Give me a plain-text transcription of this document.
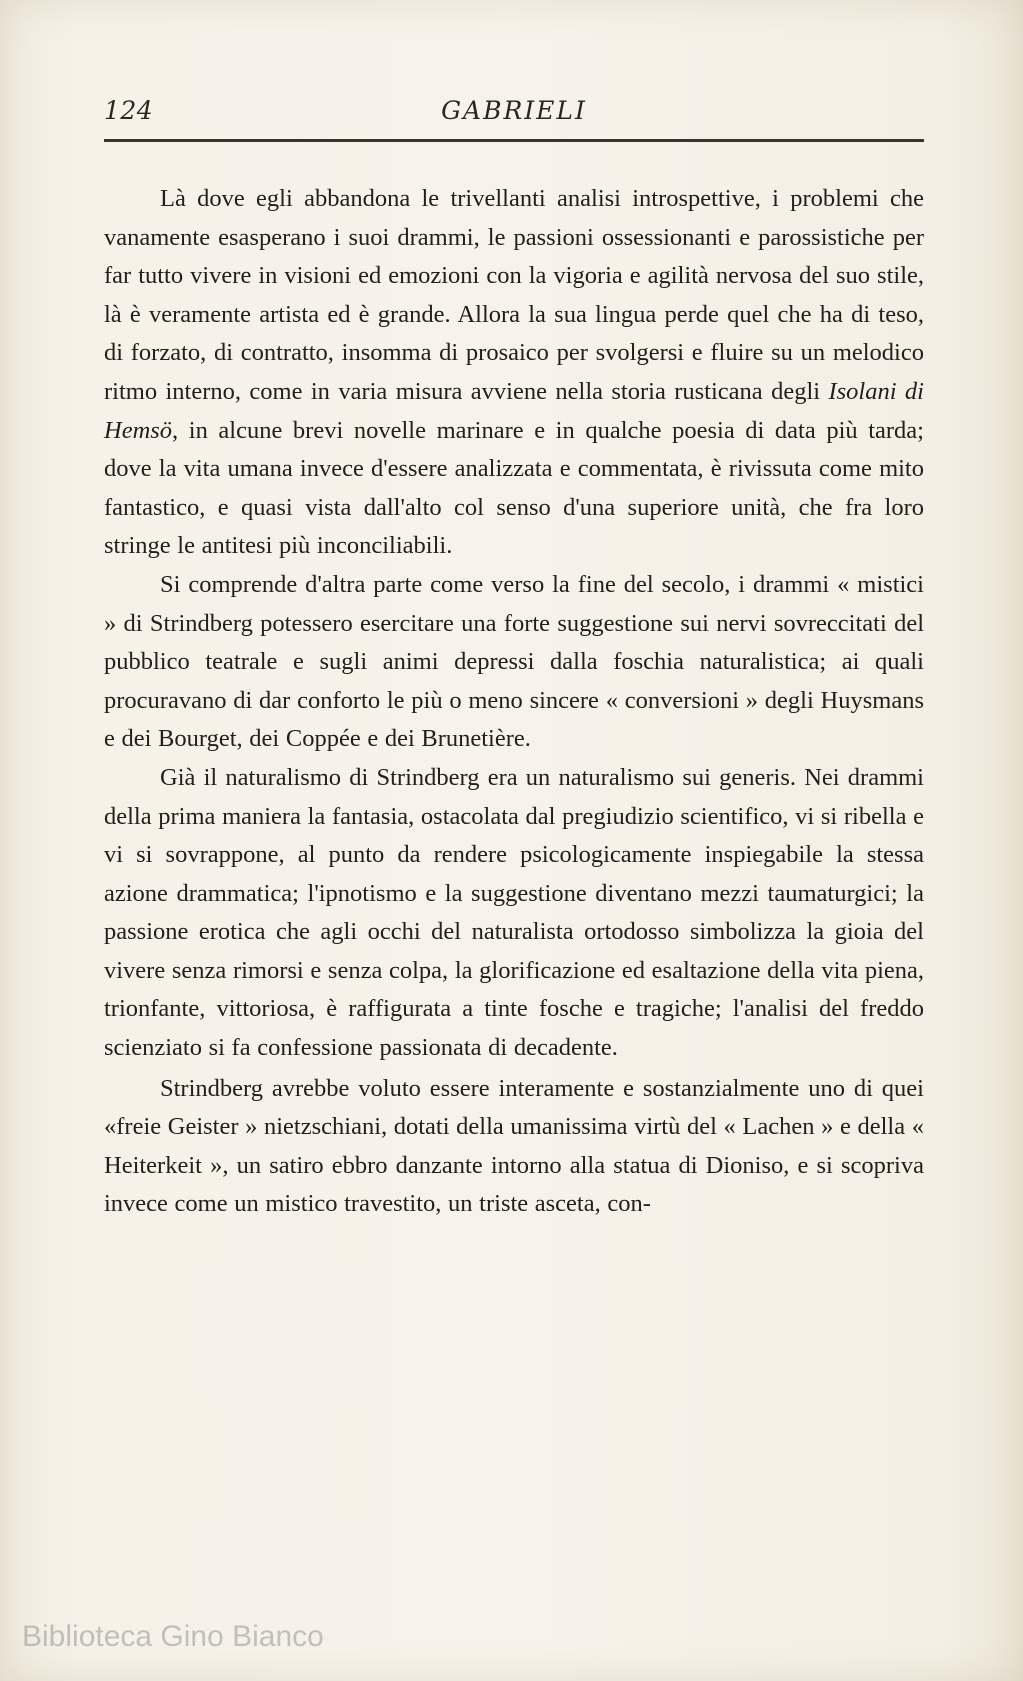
124	GABRIELI

Là dove egli abbandona le trivellanti analisi introspettive, i problemi che vanamente esasperano i suoi drammi, le passioni ossessionanti e parossistiche per far tutto vivere in visioni ed emozioni con la vigoria e agilità nervosa del suo stile, là è veramente artista ed è grande. Allora la sua lingua perde quel che ha di teso, di forzato, di contratto, insomma di prosaico per svolgersi e fluire su un melodico ritmo interno, come in varia misura avviene nella storia rusticana degli Isolani di Hemsö, in alcune brevi novelle marinare e in qualche poesia di data più tarda; dove la vita umana invece d'essere analizzata e commentata, è rivissuta come mito fantastico, e quasi vista dall'alto col senso d'una superiore unità, che fra loro stringe le antitesi più inconciliabili.

Si comprende d'altra parte come verso la fine del secolo, i drammi « mistici » di Strindberg potessero esercitare una forte suggestione sui nervi sovreccitati del pubblico teatrale e sugli animi depressi dalla foschia naturalistica; ai quali procuravano di dar conforto le più o meno sincere « conversioni » degli Huysmans e dei Bourget, dei Coppée e dei Brunetière.

Già il naturalismo di Strindberg era un naturalismo sui generis. Nei drammi della prima maniera la fantasia, ostacolata dal pregiudizio scientifico, vi si ribella e vi si sovrappone, al punto da rendere psicologicamente inspiegabile la stessa azione drammatica; l'ipnotismo e la suggestione diventano mezzi taumaturgici; la passione erotica che agli occhi del naturalista ortodosso simbolizza la gioia del vivere senza rimorsi e senza colpa, la glorificazione ed esaltazione della vita piena, trionfante, vittoriosa, è raffigurata a tinte fosche e tragiche; l'analisi del freddo scienziato si fa confessione passionata di decadente.

Strindberg avrebbe voluto essere interamente e sostanzialmente uno di quei «freie Geister » nietzschiani, dotati della umanissima virtù del « Lachen » e della « Heiterkeit », un satiro ebbro danzante intorno alla statua di Dioniso, e si scopriva invece come un mistico travestito, un triste asceta, con-

Biblioteca Gino Bianco
